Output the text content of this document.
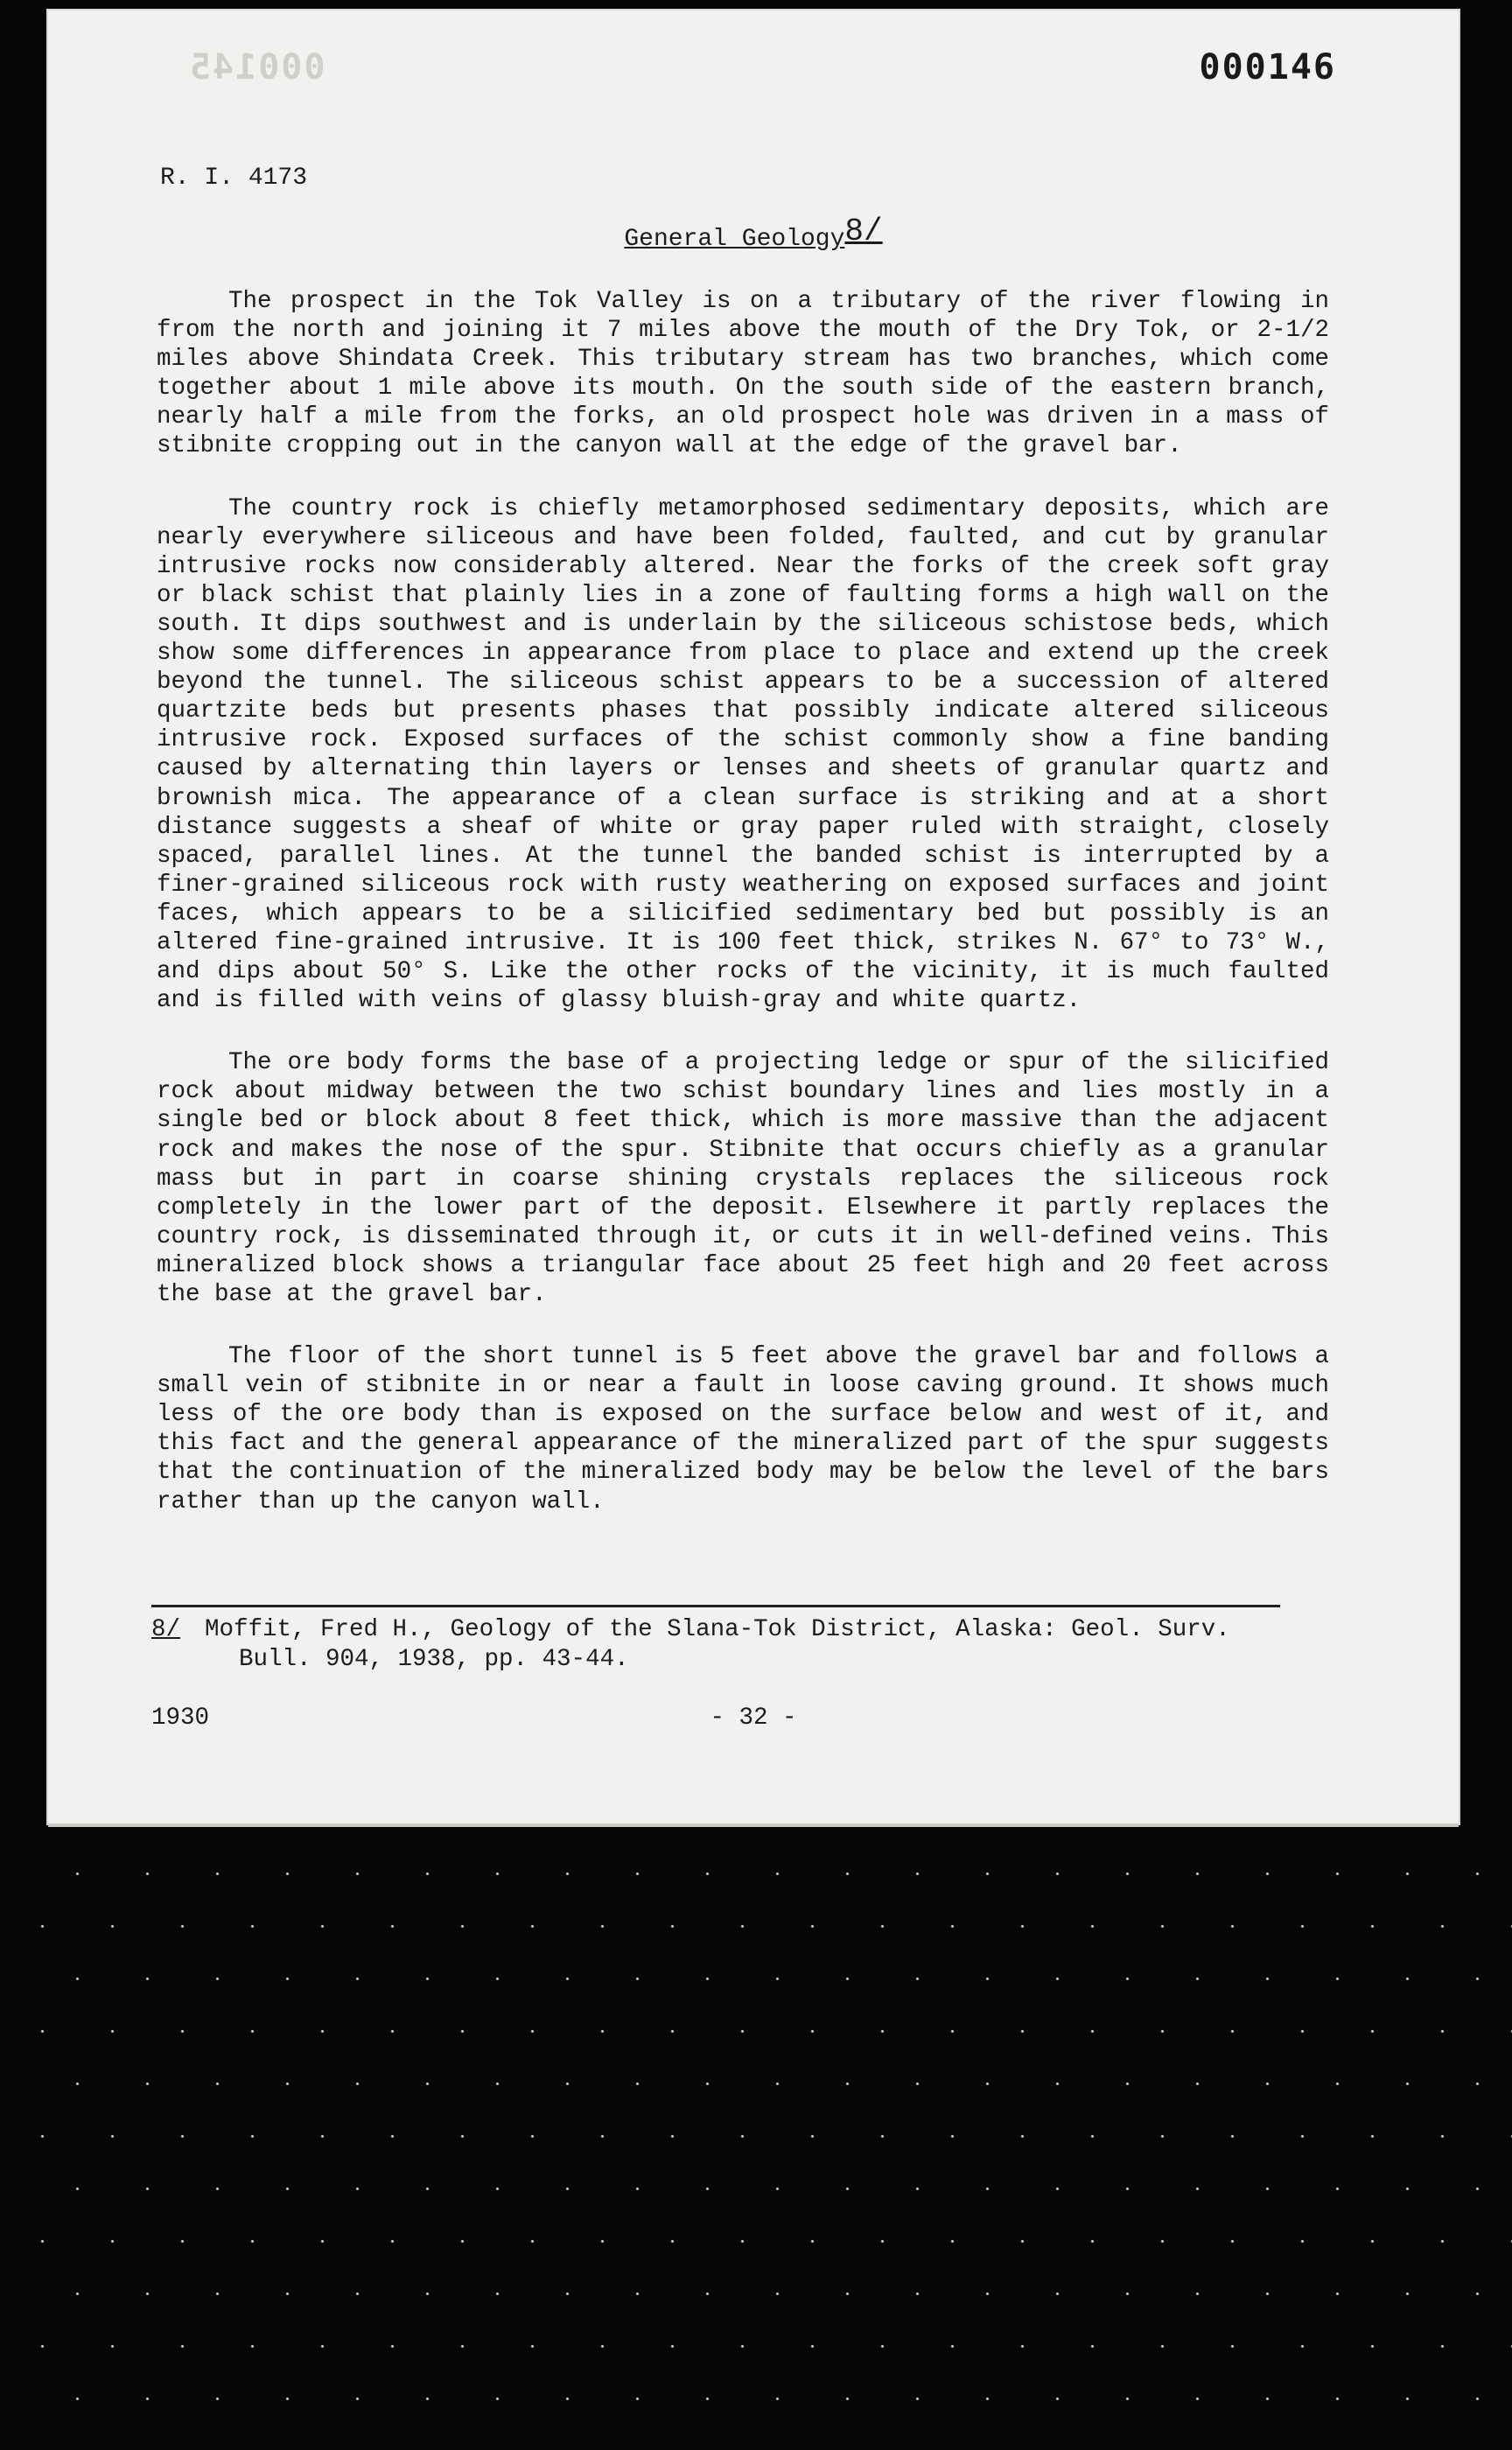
000145	000146
R. I. 4173
General Geology8/

The prospect in the Tok Valley is on a tributary of the river flowing in from the north and joining it 7 miles above the mouth of the Dry Tok, or 2-1/2 miles above Shindata Creek. This tributary stream has two branches, which come together about 1 mile above its mouth. On the south side of the eastern branch, nearly half a mile from the forks, an old prospect hole was driven in a mass of stibnite cropping out in the canyon wall at the edge of the gravel bar.

The country rock is chiefly metamorphosed sedimentary deposits, which are nearly everywhere siliceous and have been folded, faulted, and cut by granular intrusive rocks now considerably altered. Near the forks of the creek soft gray or black schist that plainly lies in a zone of faulting forms a high wall on the south. It dips southwest and is underlain by the siliceous schistose beds, which show some differences in appearance from place to place and extend up the creek beyond the tunnel. The siliceous schist appears to be a succession of altered quartzite beds but presents phases that possibly indicate altered siliceous intrusive rock. Exposed surfaces of the schist commonly show a fine banding caused by alternating thin layers or lenses and sheets of granular quartz and brownish mica. The appearance of a clean surface is striking and at a short distance suggests a sheaf of white or gray paper ruled with straight, closely spaced, parallel lines. At the tunnel the banded schist is interrupted by a finer-grained siliceous rock with rusty weathering on exposed surfaces and joint faces, which appears to be a silicified sedimentary bed but possibly is an altered fine-grained intrusive. It is 100 feet thick, strikes N. 67° to 73° W., and dips about 50° S. Like the other rocks of the vicinity, it is much faulted and is filled with veins of glassy bluish-gray and white quartz.

The ore body forms the base of a projecting ledge or spur of the silicified rock about midway between the two schist boundary lines and lies mostly in a single bed or block about 8 feet thick, which is more massive than the adjacent rock and makes the nose of the spur. Stibnite that occurs chiefly as a granular mass but in part in coarse shining crystals replaces the siliceous rock completely in the lower part of the deposit. Elsewhere it partly replaces the country rock, is disseminated through it, or cuts it in well-defined veins. This mineralized block shows a triangular face about 25 feet high and 20 feet across the base at the gravel bar.

The floor of the short tunnel is 5 feet above the gravel bar and follows a small vein of stibnite in or near a fault in loose caving ground. It shows much less of the ore body than is exposed on the surface below and west of it, and this fact and the general appearance of the mineralized part of the spur suggests that the continuation of the mineralized body may be below the level of the bars rather than up the canyon wall.

8/ Moffit, Fred H., Geology of the Slana-Tok District, Alaska: Geol. Surv.
Bull. 904, 1938, pp. 43-44.
1930	- 32 -
